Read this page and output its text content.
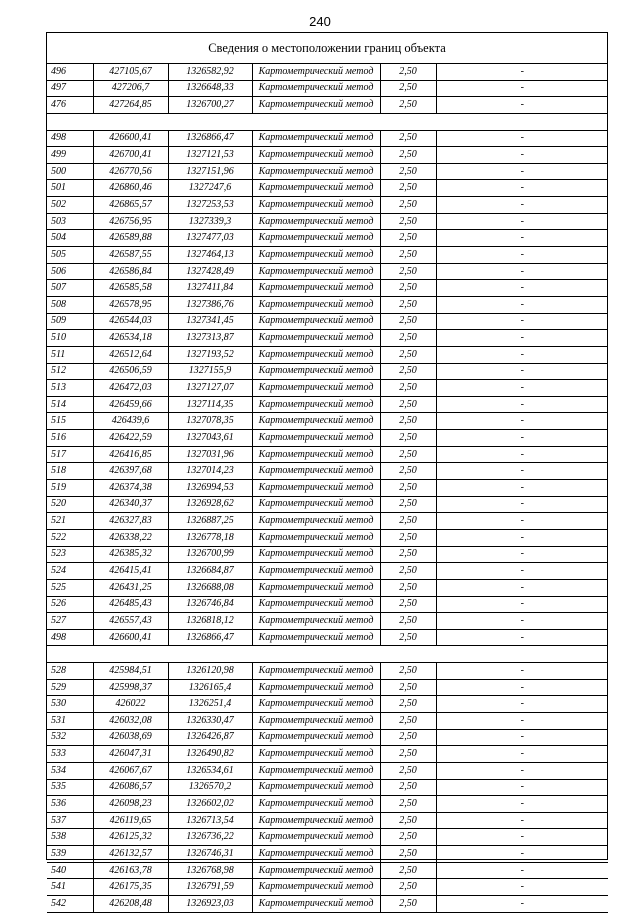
240
Сведения о местоположении границ объекта
496	427105,67	1326582,92	Картометрический метод	2,50	-
497	427206,7	1326648,33	Картометрический метод	2,50	-
476	427264,85	1326700,27	Картометрический метод	2,50	-

498	426600,41	1326866,47	Картометрический метод	2,50	-
499	426700,41	1327121,53	Картометрический метод	2,50	-
500	426770,56	1327151,96	Картометрический метод	2,50	-
501	426860,46	1327247,6	Картометрический метод	2,50	-
502	426865,57	1327253,53	Картометрический метод	2,50	-
503	426756,95	1327339,3	Картометрический метод	2,50	-
504	426589,88	1327477,03	Картометрический метод	2,50	-
505	426587,55	1327464,13	Картометрический метод	2,50	-
506	426586,84	1327428,49	Картометрический метод	2,50	-
507	426585,58	1327411,84	Картометрический метод	2,50	-
508	426578,95	1327386,76	Картометрический метод	2,50	-
509	426544,03	1327341,45	Картометрический метод	2,50	-
510	426534,18	1327313,87	Картометрический метод	2,50	-
511	426512,64	1327193,52	Картометрический метод	2,50	-
512	426506,59	1327155,9	Картометрический метод	2,50	-
513	426472,03	1327127,07	Картометрический метод	2,50	-
514	426459,66	1327114,35	Картометрический метод	2,50	-
515	426439,6	1327078,35	Картометрический метод	2,50	-
516	426422,59	1327043,61	Картометрический метод	2,50	-
517	426416,85	1327031,96	Картометрический метод	2,50	-
518	426397,68	1327014,23	Картометрический метод	2,50	-
519	426374,38	1326994,53	Картометрический метод	2,50	-
520	426340,37	1326928,62	Картометрический метод	2,50	-
521	426327,83	1326887,25	Картометрический метод	2,50	-
522	426338,22	1326778,18	Картометрический метод	2,50	-
523	426385,32	1326700,99	Картометрический метод	2,50	-
524	426415,41	1326684,87	Картометрический метод	2,50	-
525	426431,25	1326688,08	Картометрический метод	2,50	-
526	426485,43	1326746,84	Картометрический метод	2,50	-
527	426557,43	1326818,12	Картометрический метод	2,50	-
498	426600,41	1326866,47	Картометрический метод	2,50	-

528	425984,51	1326120,98	Картометрический метод	2,50	-
529	425998,37	1326165,4	Картометрический метод	2,50	-
530	426022	1326251,4	Картометрический метод	2,50	-
531	426032,08	1326330,47	Картометрический метод	2,50	-
532	426038,69	1326426,87	Картометрический метод	2,50	-
533	426047,31	1326490,82	Картометрический метод	2,50	-
534	426067,67	1326534,61	Картометрический метод	2,50	-
535	426086,57	1326570,2	Картометрический метод	2,50	-
536	426098,23	1326602,02	Картометрический метод	2,50	-
537	426119,65	1326713,54	Картометрический метод	2,50	-
538	426125,32	1326736,22	Картометрический метод	2,50	-
539	426132,57	1326746,31	Картометрический метод	2,50	-
540	426163,78	1326768,98	Картометрический метод	2,50	-
541	426175,35	1326791,59	Картометрический метод	2,50	-
542	426208,48	1326923,03	Картометрический метод	2,50	-
